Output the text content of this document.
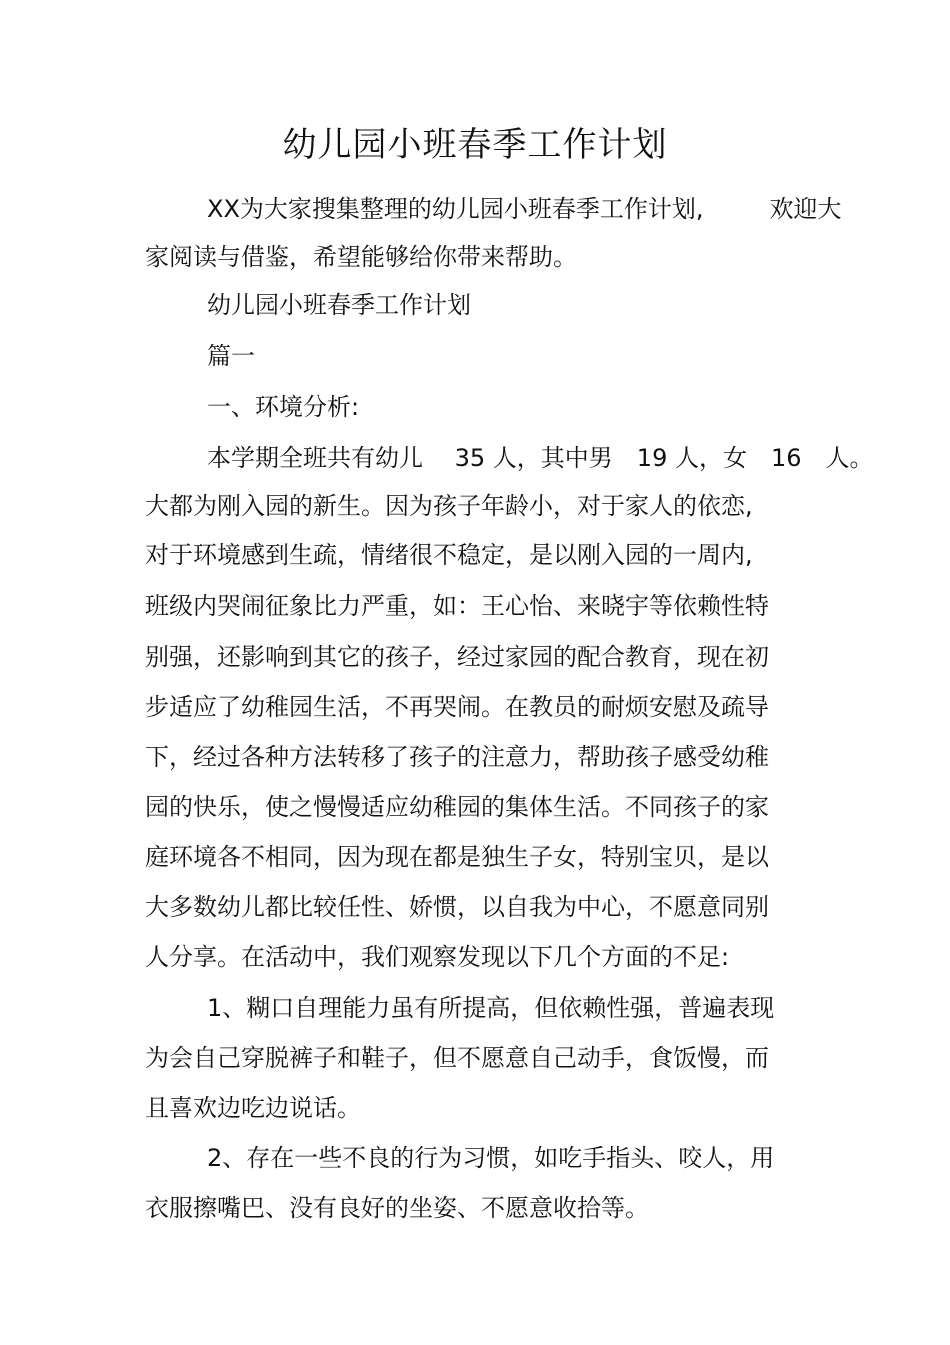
幼儿园小班春季工作计划
XX为大家搜集整理的幼儿园小班春季工作计划,	欢迎大
家阅读与借鉴，希望能够给你带来帮助。
幼儿园小班春季工作计划
篇一
一、环境分析:
本学期全班共有幼儿　 35 人，其中男　19 人，女　16　人。
大都为刚入园的新生。因为孩子年龄小，对于家人的依恋,
对于环境感到生疏，情绪很不稳定，是以刚入园的一周内,
班级内哭闹征象比力严重，如：王心怡、来晓宇等依赖性特
别强，还影响到其它的孩子，经过家园的配合教育，现在初
步适应了幼稚园生活，不再哭闹。在教员的耐烦安慰及疏导
下，经过各种方法转移了孩子的注意力，帮助孩子感受幼稚
园的快乐，使之慢慢适应幼稚园的集体生活。不同孩子的家
庭环境各不相同，因为现在都是独生子女，特别宝贝，是以
大多数幼儿都比较任性、娇惯，以自我为中心，不愿意同别
人分享。在活动中，我们观察发现以下几个方面的不足:
1、糊口自理能力虽有所提高，但依赖性强，普遍表现
为会自己穿脱裤子和鞋子，但不愿意自己动手，食饭慢，而
且喜欢边吃边说话。
2、存在一些不良的行为习惯，如吃手指头、咬人，用
衣服擦嘴巴、没有良好的坐姿、不愿意收拾等。
